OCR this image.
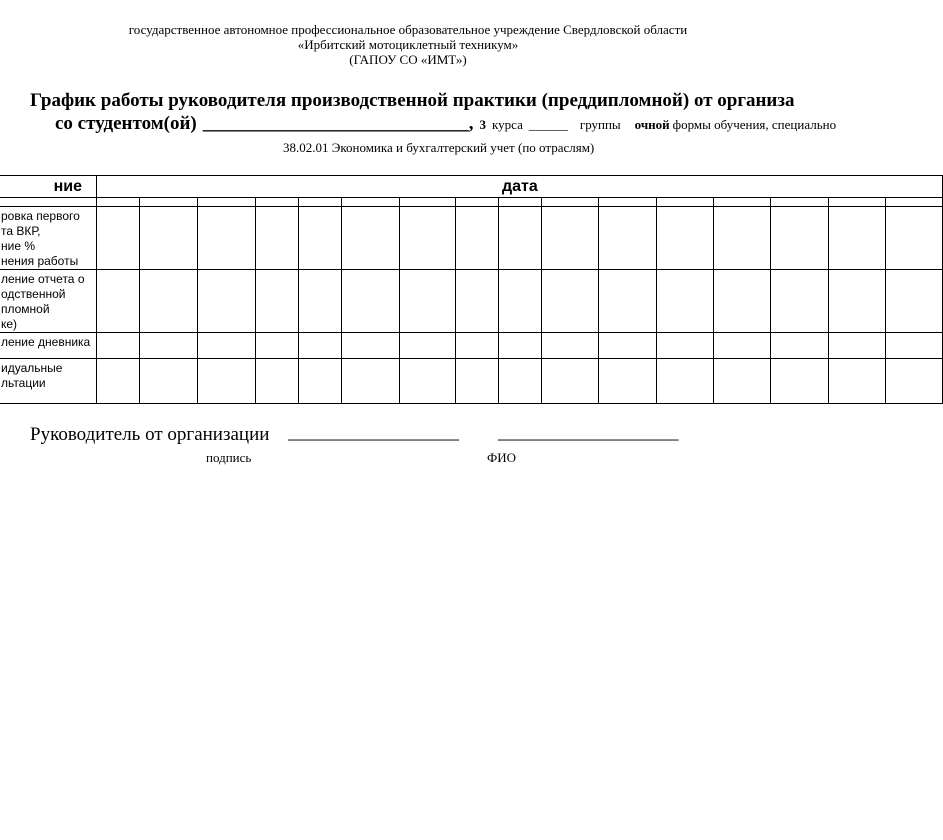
государственное автономное профессиональное образовательное учреждение Свердловской области
«Ирбитский мотоциклетный техникум»
(ГАПОУ СО «ИМТ»)
График работы руководителя производственной практики (преддипломной) от организа
со студентом(ой) ____________________________, 3 курса ______ группы очной формы обучения, специально
38.02.01 Экономика и бухгалтерский учет (по отраслям)
ние	дата															

ровка первого
та ВКР,
ние %
нения работы																

ление отчета о
одственной
пломной
ке)																

ление дневника																

идуальные
льтации																

Руководитель от организации __________________ ___________________
подпись	ФИО
